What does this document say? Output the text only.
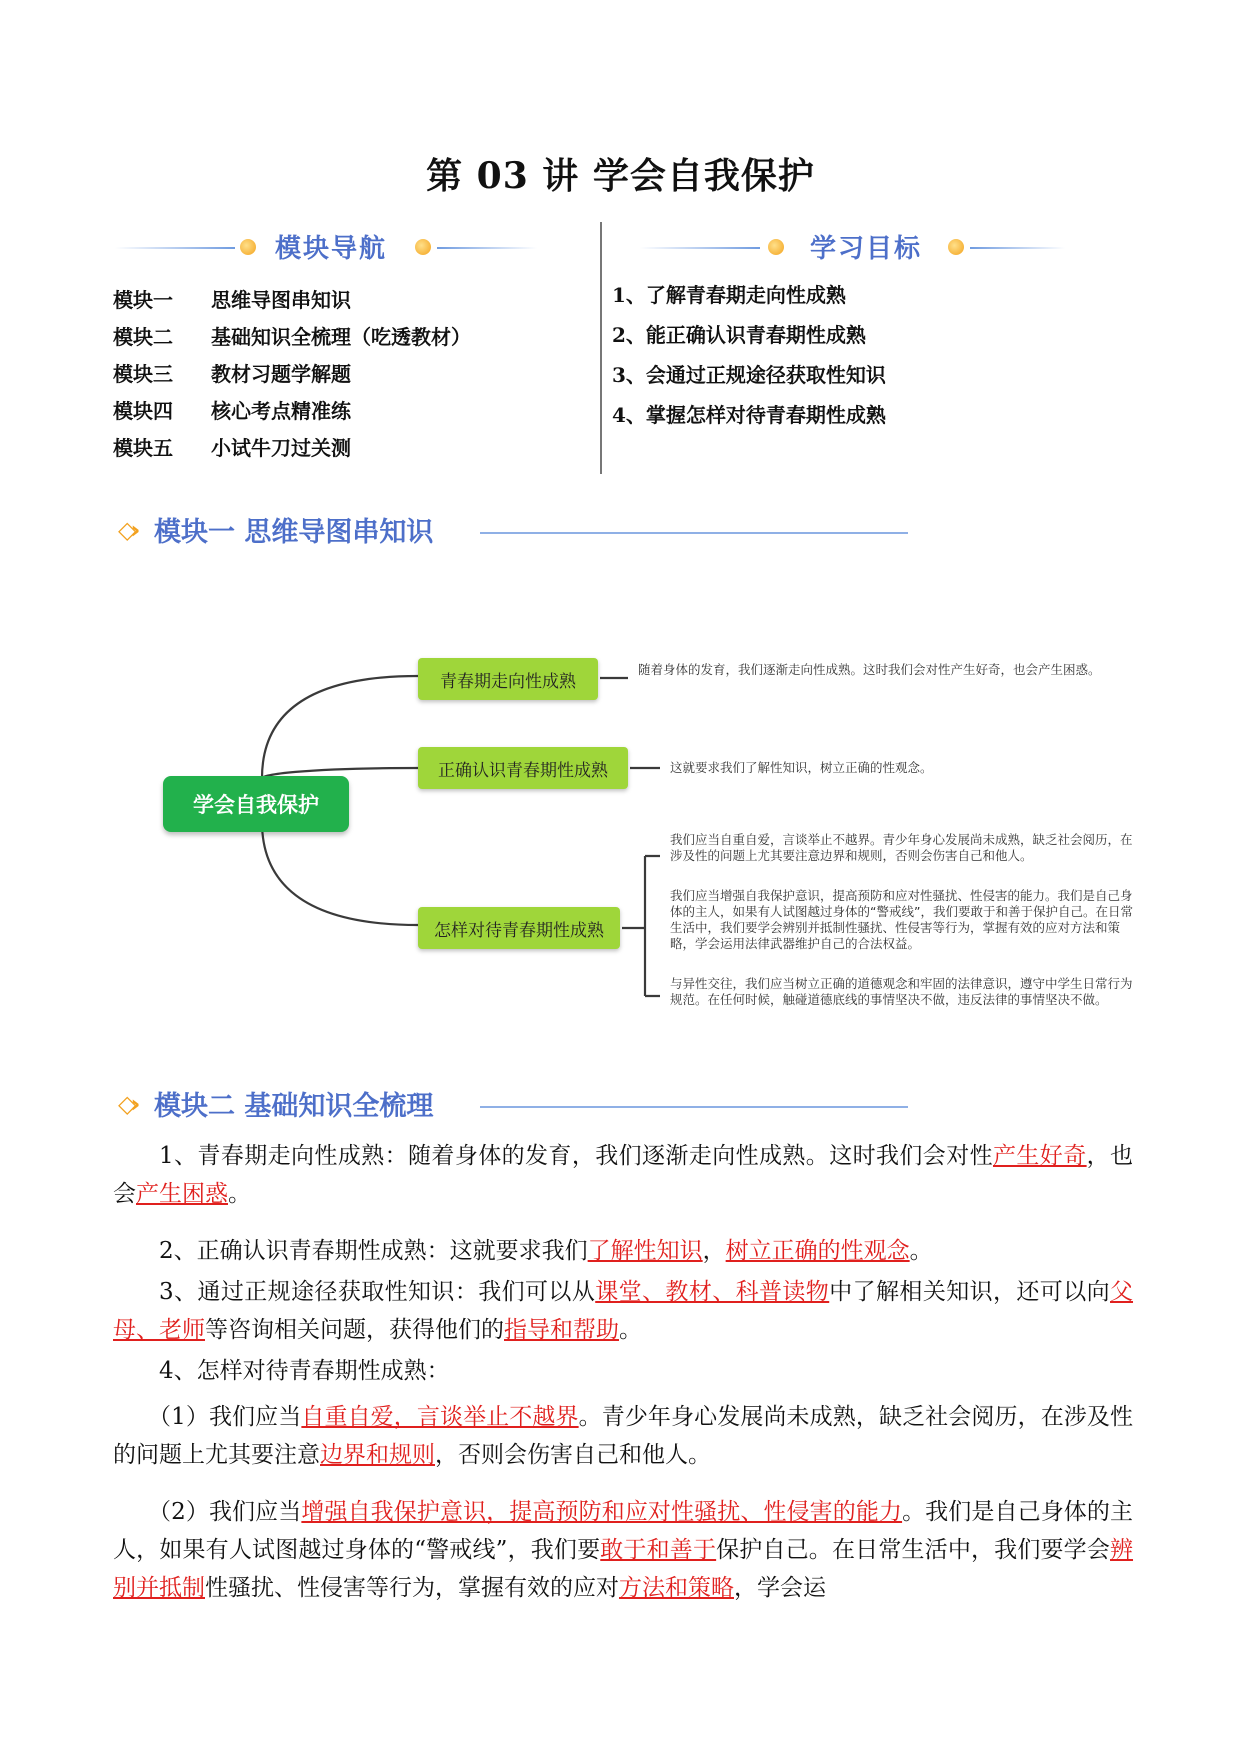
第 03 讲 学会自我保护
模块导航	学习目标
模块一 思维导图串知识
模块二 基础知识全梳理（吃透教材）
模块三 教材习题学解题
模块四 核心考点精准练
模块五 小试牛刀过关测
1、了解青春期走向性成熟
2、能正确认识青春期性成熟
3、会通过正规途径获取性知识
4、掌握怎样对待青春期性成熟
◇› 模块一 思维导图串知识
学会自我保护
青春期走向性成熟
正确认识青春期性成熟
怎样对待青春期性成熟
随着身体的发育，我们逐渐走向性成熟。这时我们会对性产生好奇，也会产生困惑。
这就要求我们了解性知识，树立正确的性观念。
我们应当自重自爱，言谈举止不越界。青少年身心发展尚未成熟，缺乏社会阅历，在涉及性的问题上尤其要注意边界和规则，否则会伤害自己和他人。
我们应当增强自我保护意识，提高预防和应对性骚扰、性侵害的能力。我们是自己身体的主人，如果有人试图越过身体的“警戒线”，我们要敢于和善于保护自己。在日常生活中，我们要学会辨别并抵制性骚扰、性侵害等行为，掌握有效的应对方法和策略，学会运用法律武器维护自己的合法权益。
与异性交往，我们应当树立正确的道德观念和牢固的法律意识，遵守中学生日常行为规范。在任何时候，触碰道德底线的事情坚决不做，违反法律的事情坚决不做。
◇› 模块二 基础知识全梳理
1、青春期走向性成熟：随着身体的发育，我们逐渐走向性成熟。这时我们会对性产生好奇，也会产生困惑。
2、正确认识青春期性成熟：这就要求我们了解性知识，树立正确的性观念。
3、通过正规途径获取性知识：我们可以从课堂、教材、科普读物中了解相关知识，还可以向父母、老师等咨询相关问题，获得他们的指导和帮助。
4、怎样对待青春期性成熟：
（1）我们应当自重自爱，言谈举止不越界。青少年身心发展尚未成熟，缺乏社会阅历，在涉及性的问题上尤其要注意边界和规则，否则会伤害自己和他人。
（2）我们应当增强自我保护意识，提高预防和应对性骚扰、性侵害的能力。我们是自己身体的主人，如果有人试图越过身体的“警戒线”，我们要敢于和善于保护自己。在日常生活中，我们要学会辨别并抵制性骚扰、性侵害等行为，掌握有效的应对方法和策略，学会运
